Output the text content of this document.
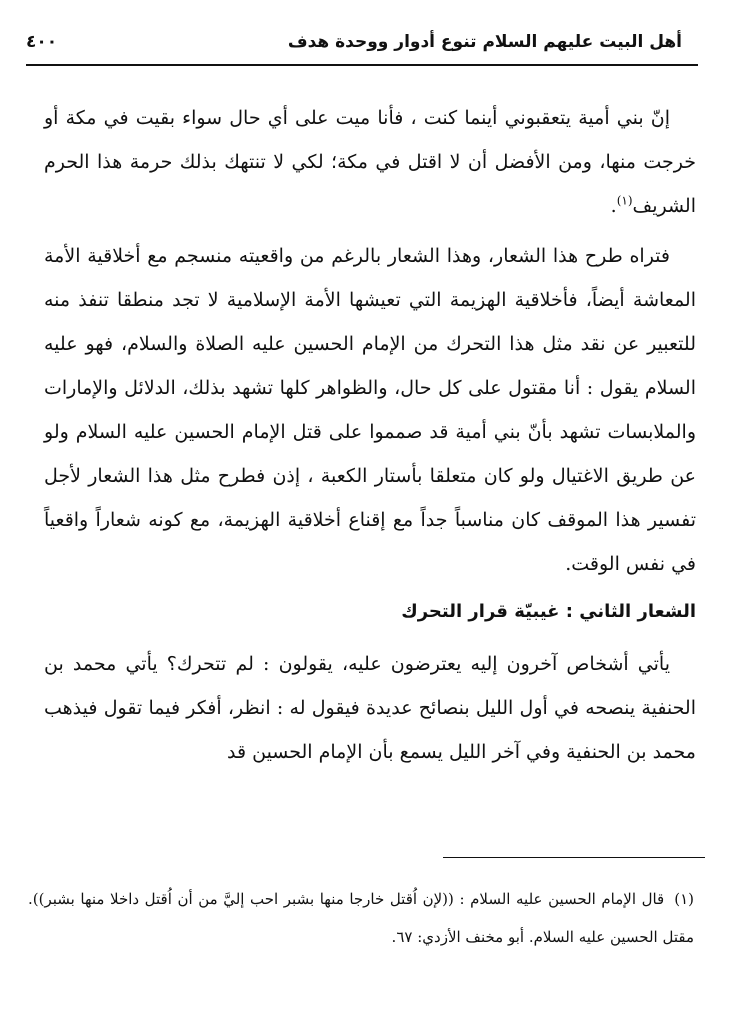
أهل البيت عليهم السلام تنوع أدوار ووحدة هدف
٤٠٠

إنّ بني أمية يتعقبوني أينما كنت ، فأنا ميت على أي حال سواء بقيت في مكة أو خرجت منها، ومن الأفضل أن لا اقتل في مكة؛ لكي لا تنتهك بذلك حرمة هذا الحرم الشريف$^{(١)}$.

فتراه طرح هذا الشعار، وهذا الشعار بالرغم من واقعيته منسجم مع أخلاقية الأمة المعاشة أيضاً، فأخلاقية الهزيمة التي تعيشها الأمة الإسلامية لا تجد منطقا تنفذ منه للتعبير عن نقد مثل هذا التحرك من الإمام الحسين عليه الصلاة والسلام، فهو عليه السلام يقول : أنا مقتول على كل حال، والظواهر كلها تشهد بذلك، الدلائل والإمارات والملابسات تشهد بأنّ بني أمية قد صمموا على قتل الإمام الحسين عليه السلام ولو عن طريق الاغتيال ولو كان متعلقا بأستار الكعبة ، إذن فطرح مثل هذا الشعار لأجل تفسير هذا الموقف كان مناسباً جداً مع إقناع أخلاقية الهزيمة، مع كونه شعاراً واقعياً في نفس الوقت.

الشعار الثاني : غيبيّة قرار التحرك

يأتي أشخاص آخرون إليه يعترضون عليه، يقولون : لم تتحرك؟ يأتي محمد بن الحنفية ينصحه في أول الليل بنصائح عديدة فيقول له : انظر، أفكر فيما تقول فيذهب محمد بن الحنفية وفي آخر الليل يسمع بأن الإمام الحسين قد

(١)قال الإمام الحسين عليه السلام : ((لإن اُقتل خارجا منها بشبر احب إليَّ من أن اُقتل داخلا منها بشبر)). مقتل الحسين عليه السلام. أبو مخنف الأزدي: ٦٧.
